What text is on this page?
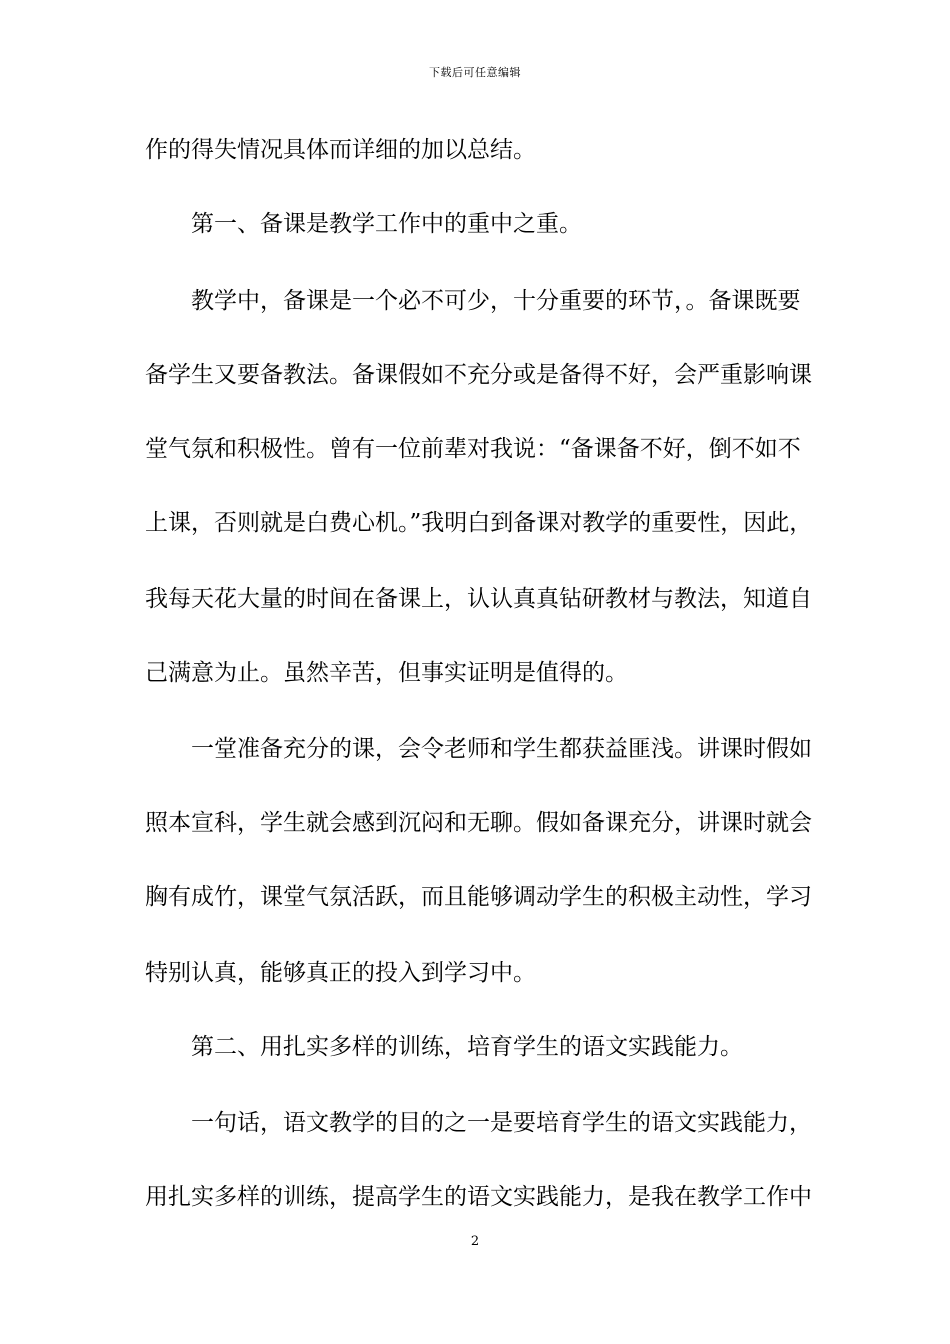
下载后可任意编辑
作的得失情况具体而详细的加以总结。
第一、备课是教学工作中的重中之重。
教学中，备课是一个必不可少，十分重要的环节，。备课既要
备学生又要备教法。备课假如不充分或是备得不好，会严重影响课
堂气氛和积极性。曾有一位前辈对我说：“备课备不好，倒不如不
上课，否则就是白费心机。”我明白到备课对教学的重要性，因此，
我每天花大量的时间在备课上，认认真真钻研教材与教法，知道自
己满意为止。虽然辛苦，但事实证明是值得的。
一堂准备充分的课，会令老师和学生都获益匪浅。讲课时假如
照本宣科，学生就会感到沉闷和无聊。假如备课充分，讲课时就会
胸有成竹，课堂气氛活跃，而且能够调动学生的积极主动性，学习
特别认真，能够真正的投入到学习中。
第二、用扎实多样的训练，培育学生的语文实践能力。
一句话，语文教学的目的之一是要培育学生的语文实践能力，
用扎实多样的训练，提高学生的语文实践能力，是我在教学工作中
2
